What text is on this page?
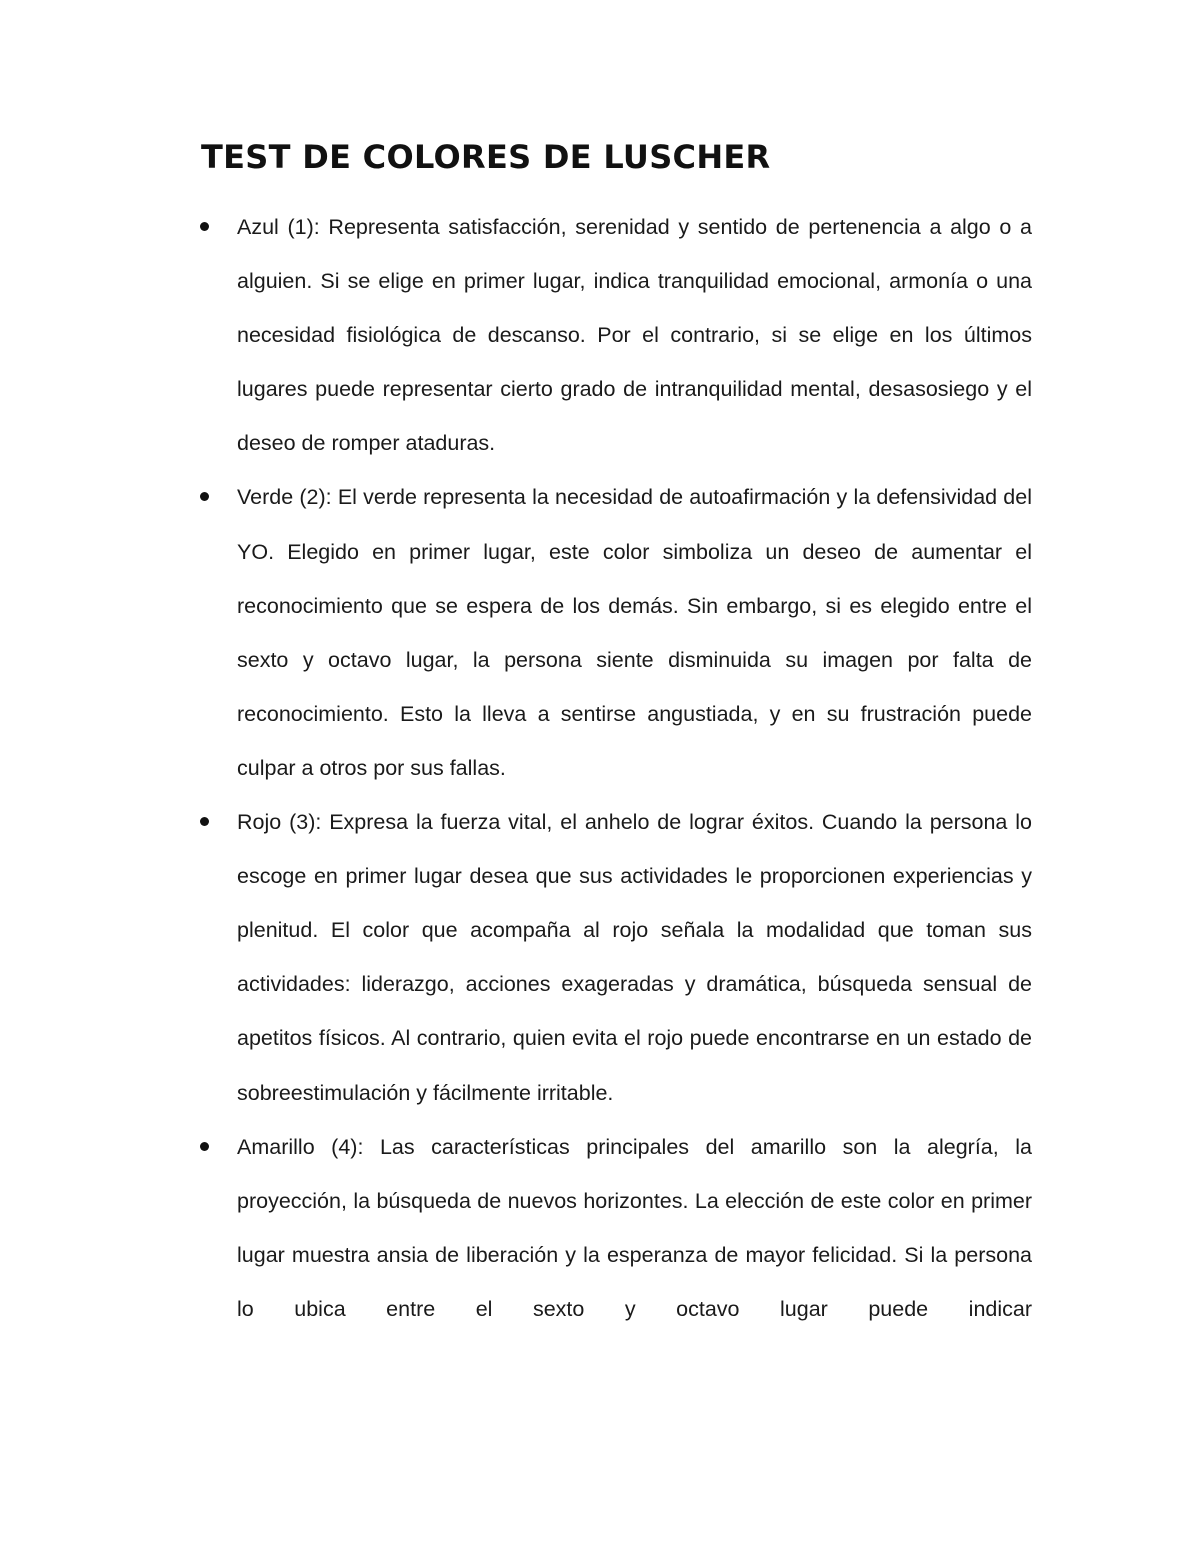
TEST DE COLORES DE LUSCHER
Azul (1): Representa satisfacción, serenidad y sentido de pertenencia a algo o a alguien. Si se elige en primer lugar, indica tranquilidad emocional, armonía o una necesidad fisiológica de descanso. Por el contrario, si se elige en los últimos lugares puede representar cierto grado de intranquilidad mental, desasosiego y el deseo de romper ataduras.
Verde (2): El verde representa la necesidad de autoafirmación y la defensividad del YO. Elegido en primer lugar, este color simboliza un deseo de aumentar el reconocimiento que se espera de los demás. Sin embargo, si es elegido entre el sexto y octavo lugar, la persona siente disminuida su imagen por falta de reconocimiento. Esto la lleva a sentirse angustiada, y en su frustración puede culpar a otros por sus fallas.
Rojo (3): Expresa la fuerza vital, el anhelo de lograr éxitos. Cuando la persona lo escoge en primer lugar desea que sus actividades le proporcionen experiencias y plenitud. El color que acompaña al rojo señala la modalidad que toman sus actividades: liderazgo, acciones exageradas y dramática, búsqueda sensual de apetitos físicos. Al contrario, quien evita el rojo puede encontrarse en un estado de sobreestimulación y fácilmente irritable.
Amarillo (4): Las características principales del amarillo son la alegría, la proyección, la búsqueda de nuevos horizontes. La elección de este color en primer lugar muestra ansia de liberación y la esperanza de mayor felicidad. Si la persona lo ubica entre el sexto y octavo lugar puede indicar
